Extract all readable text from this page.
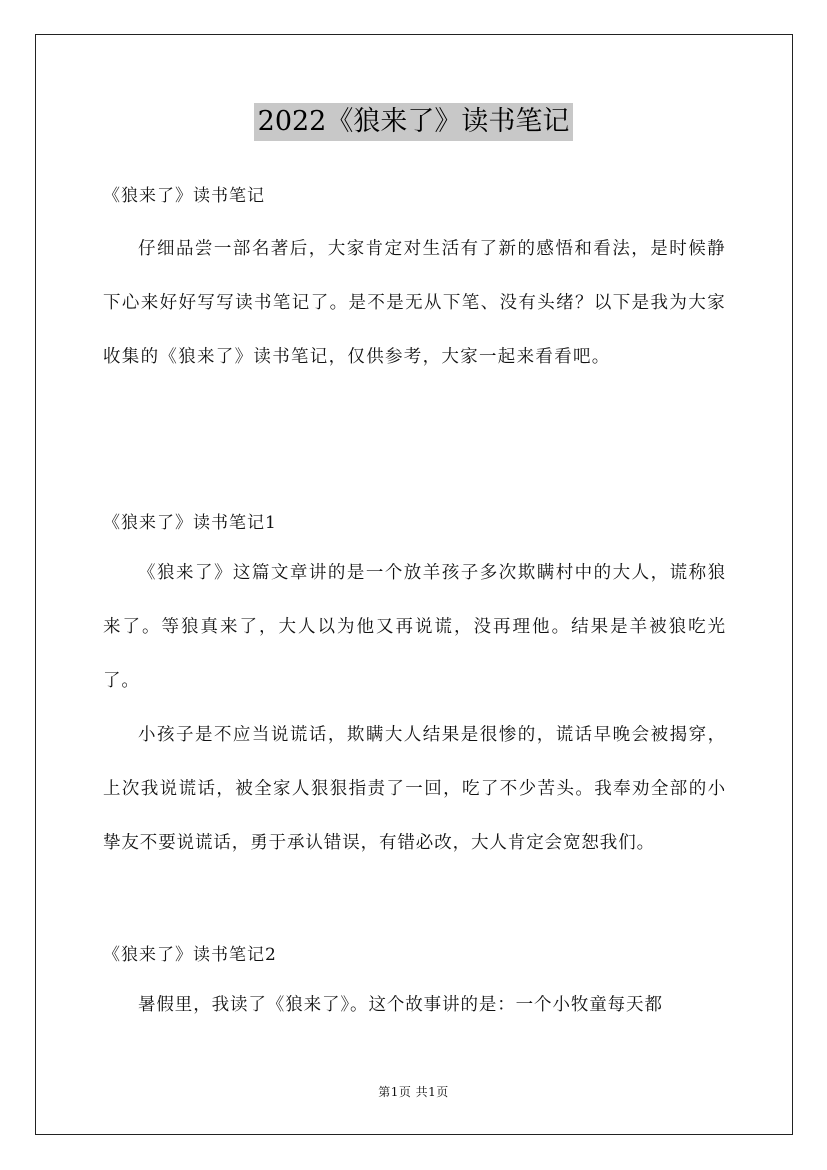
2022《狼来了》读书笔记
《狼来了》读书笔记
仔细品尝一部名著后，大家肯定对生活有了新的感悟和看法，是时候静下心来好好写写读书笔记了。是不是无从下笔、没有头绪？以下是我为大家收集的《狼来了》读书笔记，仅供参考，大家一起来看看吧。
《狼来了》读书笔记1
《狼来了》这篇文章讲的是一个放羊孩子多次欺瞒村中的大人，谎称狼来了。等狼真来了，大人以为他又再说谎，没再理他。结果是羊被狼吃光了。
小孩子是不应当说谎话，欺瞒大人结果是很惨的，谎话早晚会被揭穿，上次我说谎话，被全家人狠狠指责了一回，吃了不少苦头。我奉劝全部的小挚友不要说谎话，勇于承认错误，有错必改，大人肯定会宽恕我们。
《狼来了》读书笔记2
暑假里，我读了《狼来了》。这个故事讲的是：一个小牧童每天都
第1页 共1页
